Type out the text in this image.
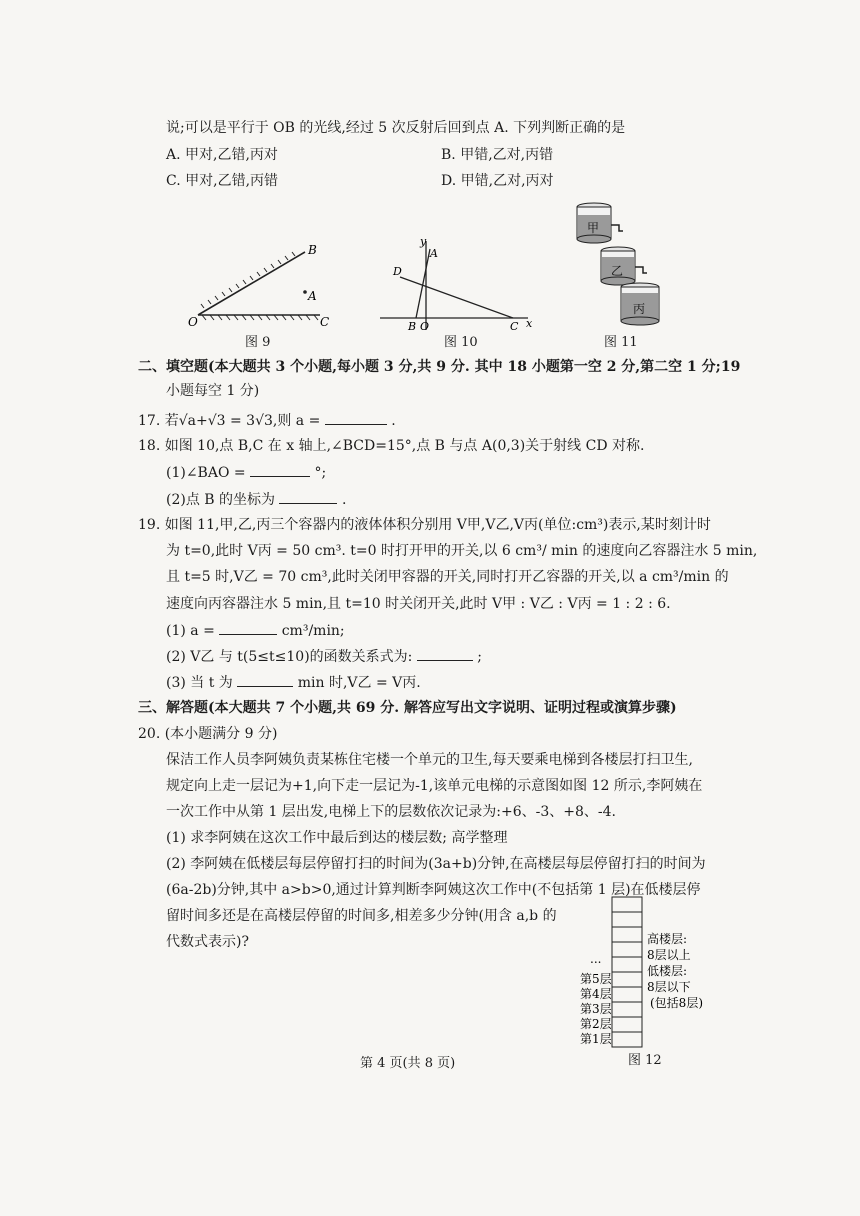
说;可以是平行于 OB 的光线,经过 5 次反射后回到点 A. 下列判断正确的是
A. 甲对,乙错,丙对	B. 甲错,乙对,丙错
C. 甲对,乙错,丙错	D. 甲错,乙对,丙对
O
B
A
C
图 9
y
A
D
B O	C x
图 10
甲
乙
丙
图 11
二、填空题(本大题共 3 个小题,每小题 3 分,共 9 分. 其中 18 小题第一空 2 分,第二空 1 分;19
小题每空 1 分)
17. 若√a+√3 = 3√3,则 a =	.
18. 如图 10,点 B,C 在 x 轴上,∠BCD=15°,点 B 与点 A(0,3)关于射线 CD 对称.
(1)∠BAO =	°;
(2)点 B 的坐标为	.
19. 如图 11,甲,乙,丙三个容器内的液体体积分别用 V甲,V乙,V丙(单位:cm³)表示,某时刻计时
为 t=0,此时 V丙 = 50 cm³. t=0 时打开甲的开关,以 6 cm³/ min 的速度向乙容器注水 5 min,
且 t=5 时,V乙 = 70 cm³,此时关闭甲容器的开关,同时打开乙容器的开关,以 a cm³/min 的
速度向丙容器注水 5 min,且 t=10 时关闭开关,此时 V甲 : V乙 : V丙 = 1 : 2 : 6.
(1) a =	cm³/min;
(2) V乙 与 t(5≤t≤10)的函数关系式为:	;
(3) 当 t 为	min 时,V乙 = V丙.
三、解答题(本大题共 7 个小题,共 69 分. 解答应写出文字说明、证明过程或演算步骤)
20. (本小题满分 9 分)
保洁工作人员李阿姨负责某栋住宅楼一个单元的卫生,每天要乘电梯到各楼层打扫卫生,
规定向上走一层记为+1,向下走一层记为-1,该单元电梯的示意图如图 12 所示,李阿姨在
一次工作中从第 1 层出发,电梯上下的层数依次记录为:+6、-3、+8、-4.
(1) 求李阿姨在这次工作中最后到达的楼层数; 高学整理
(2) 李阿姨在低楼层每层停留打扫的时间为(3a+b)分钟,在高楼层每层停留打扫的时间为
(6a-2b)分钟,其中 a>b>0,通过计算判断李阿姨这次工作中(不包括第 1 层)在低楼层停
留时间多还是在高楼层停留的时间多,相差多少分钟(用含 a,b 的
代数式表示)?
...
第5层
第4层
第3层
第2层
第1层
高楼层:
8层以上
低楼层:
8层以下
(包括8层)
图 12
第 4 页(共 8 页)
